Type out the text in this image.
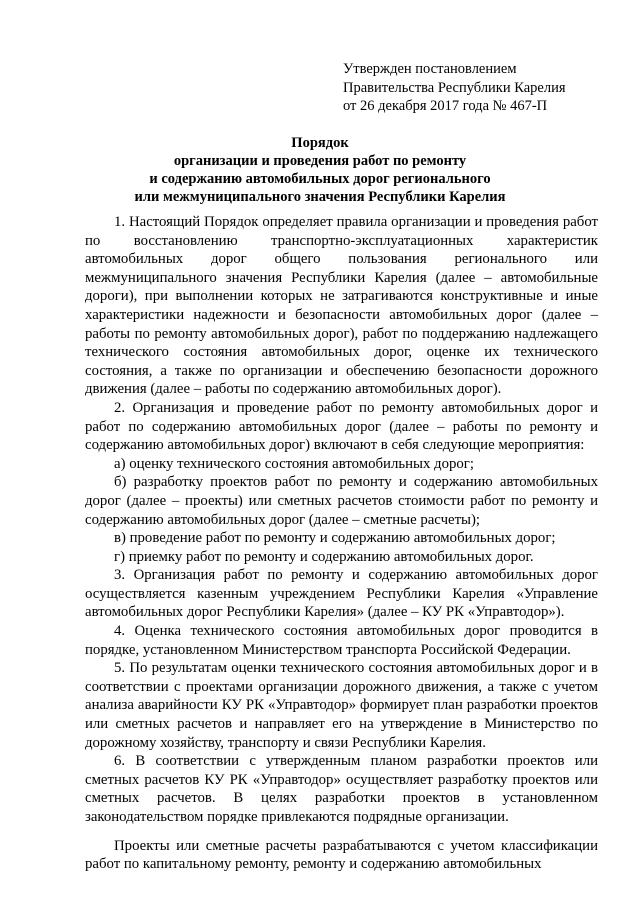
Утвержден постановлением
Правительства Республики Карелия
от 26 декабря 2017 года № 467-П
Порядок
организации и проведения работ по ремонту
и содержанию автомобильных дорог регионального
или межмуниципального значения Республики Карелия

1. Настоящий Порядок определяет правила организации и проведения работ по восстановлению транспортно-эксплуатационных характеристик автомобильных дорог общего пользования регионального или межмуниципального значения Республики Карелия (далее – автомобильные дороги), при выполнении которых не затрагиваются конструктивные и иные характеристики надежности и безопасности автомобильных дорог (далее – работы по ремонту автомобильных дорог), работ по поддержанию надлежащего технического состояния автомобильных дорог, оценке их технического состояния, а также по организации и обеспечению безопасности дорожного движения (далее – работы по содержанию автомобильных дорог).

2. Организация и проведение работ по ремонту автомобильных дорог и работ по содержанию автомобильных дорог (далее – работы по ремонту и содержанию автомобильных дорог) включают в себя следующие мероприятия:

а) оценку технического состояния автомобильных дорог;

б) разработку проектов работ по ремонту и содержанию автомобильных дорог (далее – проекты) или сметных расчетов стоимости работ по ремонту и содержанию автомобильных дорог (далее – сметные расчеты);

в) проведение работ по ремонту и содержанию автомобильных дорог;

г) приемку работ по ремонту и содержанию автомобильных дорог.

3. Организация работ по ремонту и содержанию автомобильных дорог осуществляется казенным учреждением Республики Карелия «Управление автомобильных дорог Республики Карелия» (далее – КУ РК «Управтодор»).

4. Оценка технического состояния автомобильных дорог проводится в порядке, установленном Министерством транспорта Российской Федерации.

5. По результатам оценки технического состояния автомобильных дорог и в соответствии с проектами организации дорожного движения, а также с учетом анализа аварийности КУ РК «Управтодор» формирует план разработки проектов или сметных расчетов и направляет его на утверждение в Министерство по дорожному хозяйству, транспорту и связи Республики Карелия.

6. В соответствии с утвержденным планом разработки проектов или сметных расчетов КУ РК «Управтодор» осуществляет разработку проектов или сметных расчетов. В целях разработки проектов в установленном законодательством порядке привлекаются подрядные организации.

Проекты или сметные расчеты разрабатываются с учетом классификации работ по капитальному ремонту, ремонту и содержанию автомобильных
